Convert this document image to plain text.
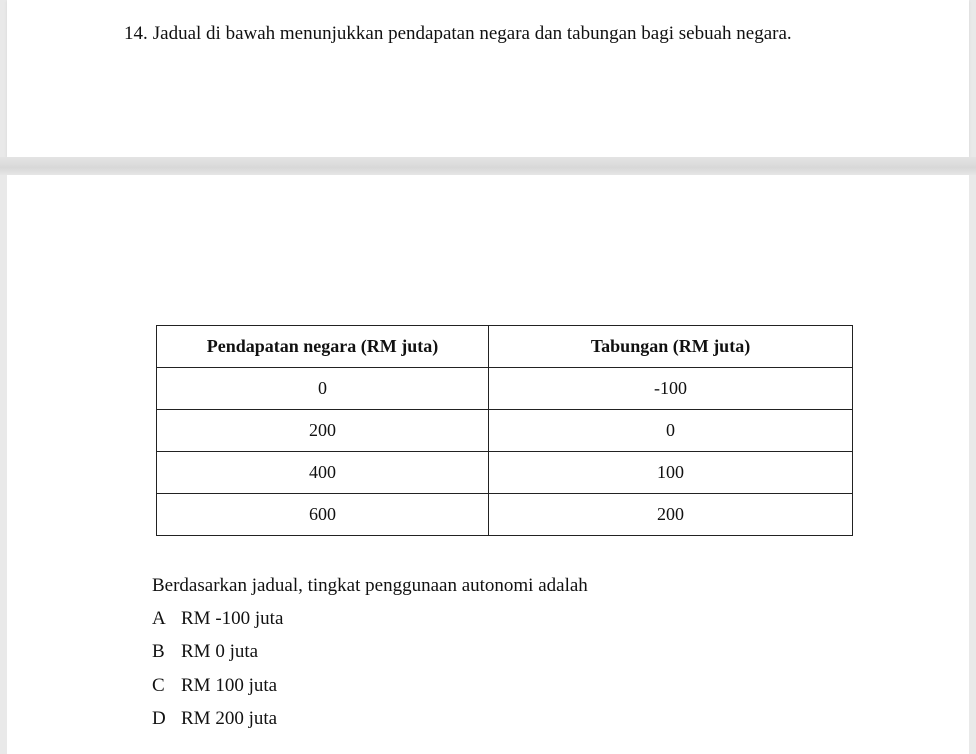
14. Jadual di bawah menunjukkan pendapatan negara dan tabungan bagi sebuah negara.
Pendapatan negara (RM juta)	Tabungan (RM juta)
0	-100
200	0
400	100
600	200
Berdasarkan jadual, tingkat penggunaan autonomi adalah
A RM -100 juta
B RM 0 juta
C RM 100 juta
D RM 200 juta
